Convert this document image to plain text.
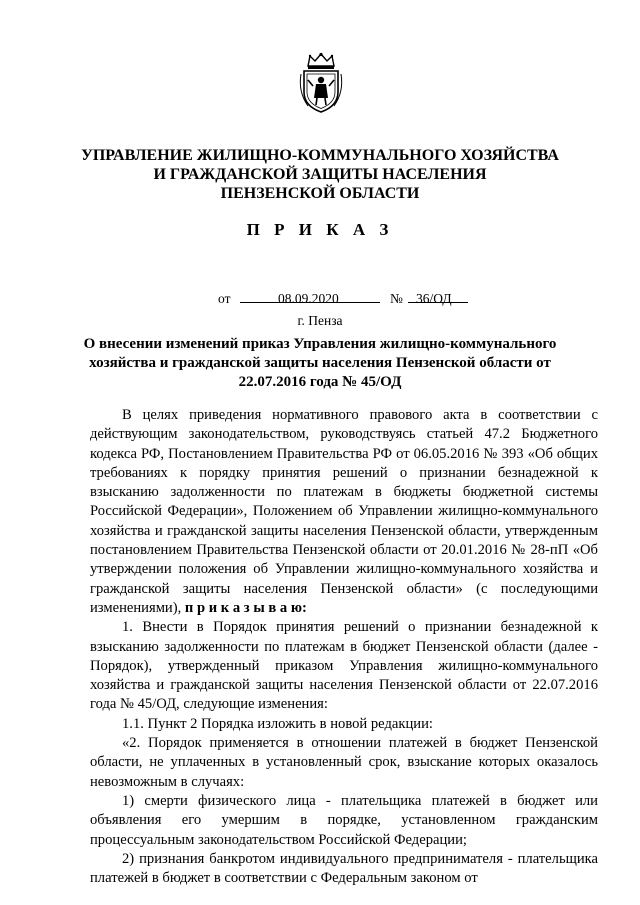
УПРАВЛЕНИЕ ЖИЛИЩНО-КОММУНАЛЬНОГО ХОЗЯЙСТВА
И ГРАЖДАНСКОЙ ЗАЩИТЫ НАСЕЛЕНИЯ
ПЕНЗЕНСКОЙ ОБЛАСТИ
П Р И К А З
от	08.09.2020	№ 36/ОД
г. Пенза
О внесении изменений приказ Управления жилищно-коммунального
хозяйства и гражданской защиты населения Пензенской области от
22.07.2016 года № 45/ОД

В целях приведения нормативного правового акта в соответствии с действующим законодательством, руководствуясь статьей 47.2 Бюджетного кодекса РФ, Постановлением Правительства РФ от 06.05.2016 № 393 «Об общих требованиях к порядку принятия решений о признании безнадежной к взысканию задолженности по платежам в бюджеты бюджетной системы Российской Федерации», Положением об Управлении жилищно-коммунального хозяйства и гражданской защиты населения Пензенской области, утвержденным постановлением Правительства Пензенской области от 20.01.2016 № 28-пП «Об утверждении положения об Управлении жилищно-коммунального хозяйства и гражданской защиты населения Пензенской области» (с последующими изменениями), п р и к а з ы в а ю:

1. Внести в Порядок принятия решений о признании безнадежной к взысканию задолженности по платежам в бюджет Пензенской области (далее - Порядок), утвержденный приказом Управления жилищно-коммунального хозяйства и гражданской защиты населения Пензенской области от 22.07.2016 года № 45/ОД, следующие изменения:

1.1. Пункт 2 Порядка изложить в новой редакции:

«2. Порядок применяется в отношении платежей в бюджет Пензенской области, не уплаченных в установленный срок, взыскание которых оказалось невозможным в случаях:

1) смерти физического лица - плательщика платежей в бюджет или объявления его умершим в порядке, установленном гражданским процессуальным законодательством Российской Федерации;

2) признания банкротом индивидуального предпринимателя - плательщика платежей в бюджет в соответствии с Федеральным законом от
